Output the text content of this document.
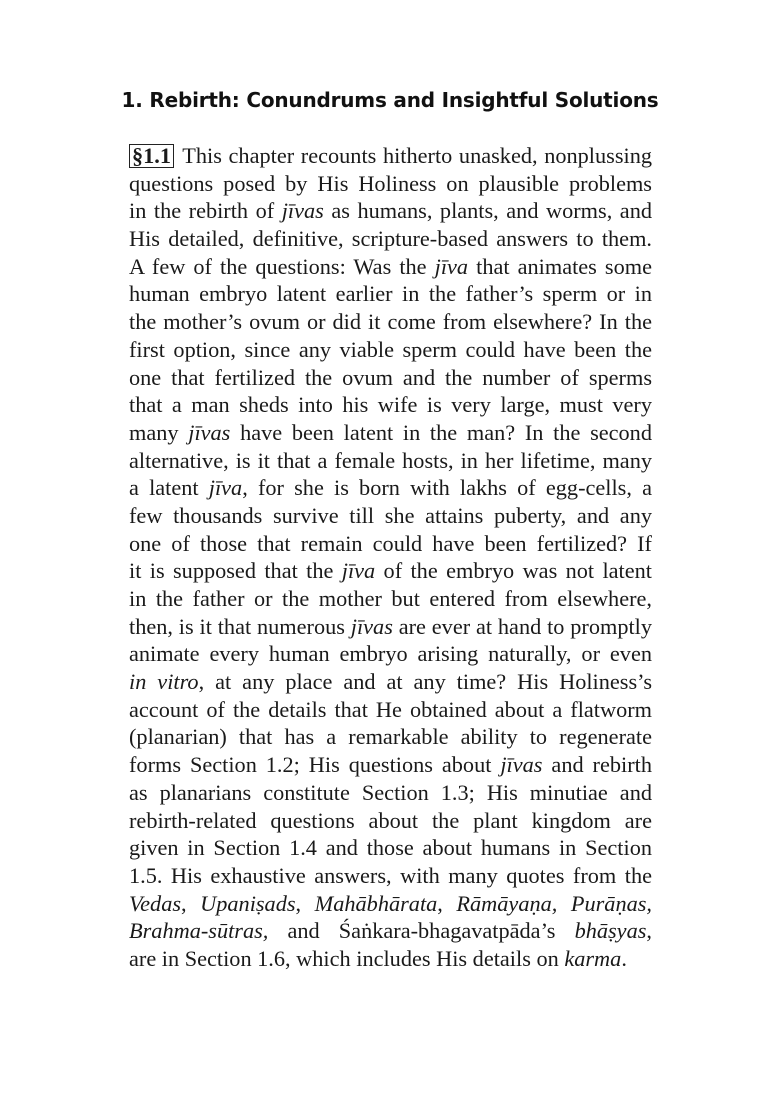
1. Rebirth: Conundrums and Insightful Solutions
§1.1 This chapter recounts hitherto unasked, nonplussing
questions posed by His Holiness on plausible problems
in the rebirth of jīvas as humans, plants, and worms, and
His detailed, definitive, scripture-based answers to them.
A few of the questions: Was the jīva that animates some
human embryo latent earlier in the father’s sperm or in
the mother’s ovum or did it come from elsewhere? In the
first option, since any viable sperm could have been the
one that fertilized the ovum and the number of sperms
that a man sheds into his wife is very large, must very
many jīvas have been latent in the man? In the second
alternative, is it that a female hosts, in her lifetime, many
a latent jīva, for she is born with lakhs of egg-cells, a
few thousands survive till she attains puberty, and any
one of those that remain could have been fertilized? If
it is supposed that the jīva of the embryo was not latent
in the father or the mother but entered from elsewhere,
then, is it that numerous jīvas are ever at hand to promptly
animate every human embryo arising naturally, or even
in vitro, at any place and at any time? His Holiness’s
account of the details that He obtained about a flatworm
(planarian) that has a remarkable ability to regenerate
forms Section 1.2; His questions about jīvas and rebirth
as planarians constitute Section 1.3; His minutiae and
rebirth-related questions about the plant kingdom are
given in Section 1.4 and those about humans in Section
1.5. His exhaustive answers, with many quotes from the
Vedas, Upaniṣads, Mahābhārata, Rāmāyaṇa, Purāṇas,
Brahma-sūtras, and Śaṅkara-bhagavatpāda’s bhāṣyas,
are in Section 1.6, which includes His details on karma.
